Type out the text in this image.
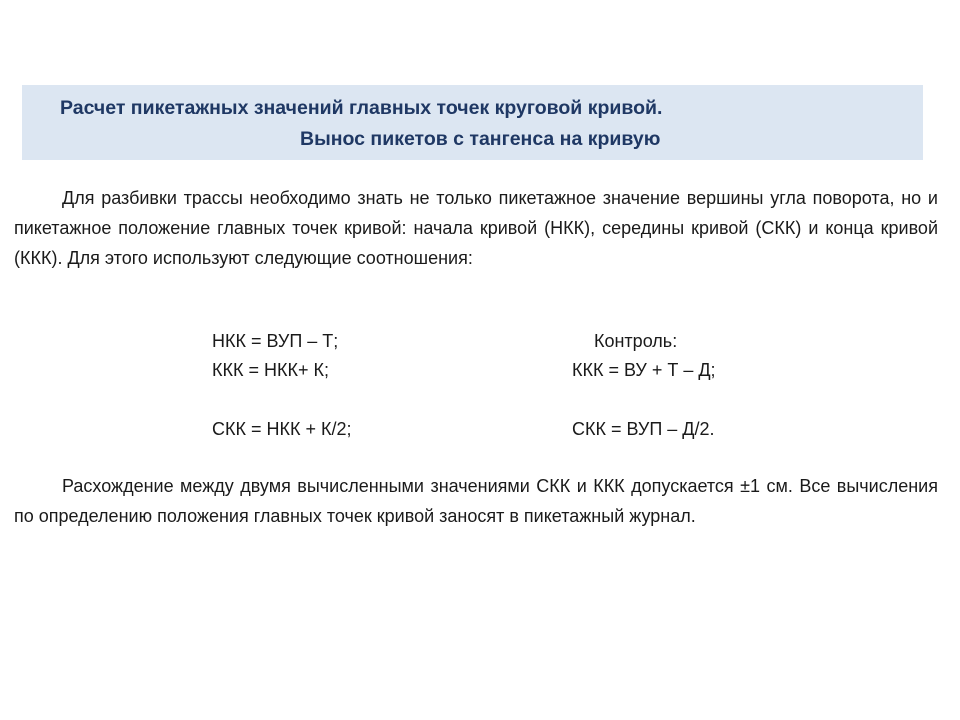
Расчет пикетажных значений главных точек круговой кривой.
Вынос пикетов с тангенса на кривую
Для разбивки трассы необходимо знать не только пикетажное значение вершины угла поворота, но и пикетажное положение главных точек кривой: начала кривой (НКК), середины кривой (СКК) и конца кривой (ККК). Для этого используют следующие соотношения:
НКК = ВУП – Т;
ККК = НКК+ К;
СКК = НКК + К/2;
Контроль:
ККК = ВУ + Т – Д;
СКК = ВУП – Д/2.
Расхождение между двумя вычисленными значениями СКК и ККК допускается ±1 см. Все вычисления по определению положения главных точек кривой заносят в пикетажный журнал.
